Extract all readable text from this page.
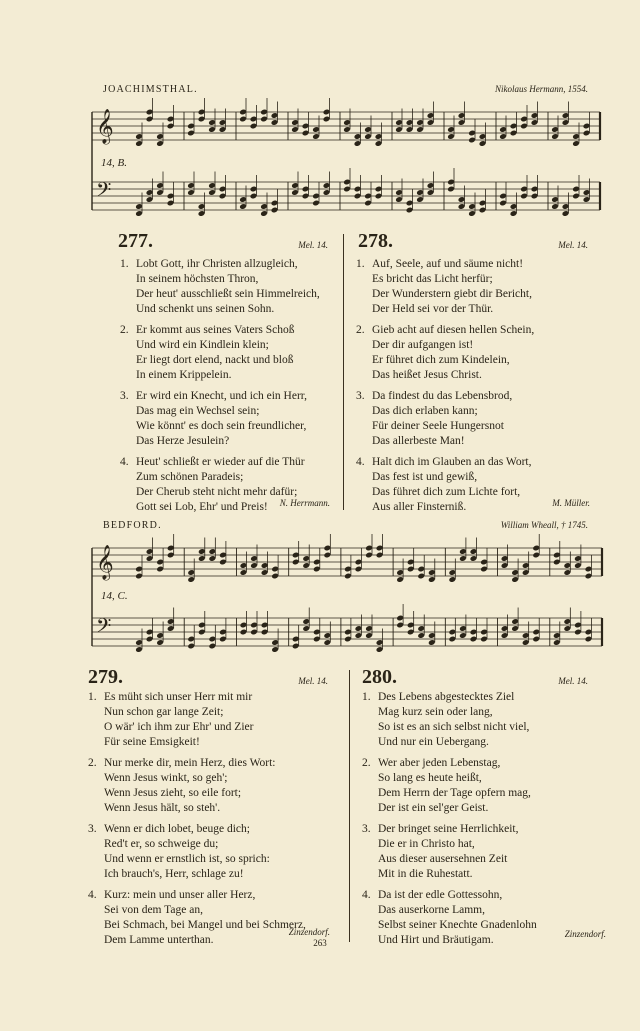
JOACHIMSTHAL.	Nikolaus Hermann, 1554.
𝄞
𝄢
14, B.
277.	Mel. 14.
1. Lobt Gott, ihr Christen allzugleich,
In seinem höchsten Thron,
Der heut' ausschließt sein Himmelreich,
Und schenkt uns seinen Sohn.
2. Er kommt aus seines Vaters Schoß
Und wird ein Kindlein klein;
Er liegt dort elend, nackt und bloß
In einem Krippelein.
3. Er wird ein Knecht, und ich ein Herr,
Das mag ein Wechsel sein;
Wie könnt' es doch sein freundlicher,
Das Herze Jesulein?
4. Heut' schließt er wieder auf die Thür
Zum schönen Paradeis;
Der Cherub steht nicht mehr dafür;
Gott sei Lob, Ehr' und Preis!	N. Herrmann.
278.	Mel. 14.
1. Auf, Seele, auf und säume nicht!
Es bricht das Licht herfür;
Der Wunderstern giebt dir Bericht,
Der Held sei vor der Thür.
2. Gieb acht auf diesen hellen Schein,
Der dir aufgangen ist!
Er führet dich zum Kindelein,
Das heißet Jesus Christ.
3. Da findest du das Lebensbrod,
Das dich erlaben kann;
Für deiner Seele Hungersnot
Das allerbeste Man!
4. Halt dich im Glauben an das Wort,
Das fest ist und gewiß,
Das führet dich zum Lichte fort,
Aus aller Finsterniß.	M. Müller.
BEDFORD.	William Wheall, † 1745.
𝄞
𝄢
14, C.
279.	Mel. 14.
1. Es müht sich unser Herr mit mir
Nun schon gar lange Zeit;
O wär' ich ihm zur Ehr' und Zier
Für seine Emsigkeit!
2. Nur merke dir, mein Herz, dies Wort:
Wenn Jesus winkt, so geh';
Wenn Jesus zieht, so eile fort;
Wenn Jesus hält, so steh'.
3. Wenn er dich lobet, beuge dich;
Red't er, so schweige du;
Und wenn er ernstlich ist, so sprich:
Ich brauch's, Herr, schlage zu!
4. Kurz: mein und unser aller Herz,
Sei von dem Tage an,
Bei Schmach, bei Mangel und bei Schmerz,
Dem Lamme unterthan.
Zinzendorf.
280.	Mel. 14.
1. Des Lebens abgestecktes Ziel
Mag kurz sein oder lang,
So ist es an sich selbst nicht viel,
Und nur ein Uebergang.
2. Wer aber jeden Lebenstag,
So lang es heute heißt,
Dem Herrn der Tage opfern mag,
Der ist ein sel'ger Geist.
3. Der bringet seine Herrlichkeit,
Die er in Christo hat,
Aus dieser ausersehnen Zeit
Mit in die Ruhestatt.
4. Da ist der edle Gottessohn,
Das auserkorne Lamm,
Selbst seiner Knechte Gnadenlohn
Und Hirt und Bräutigam.	Zinzendorf.
263
